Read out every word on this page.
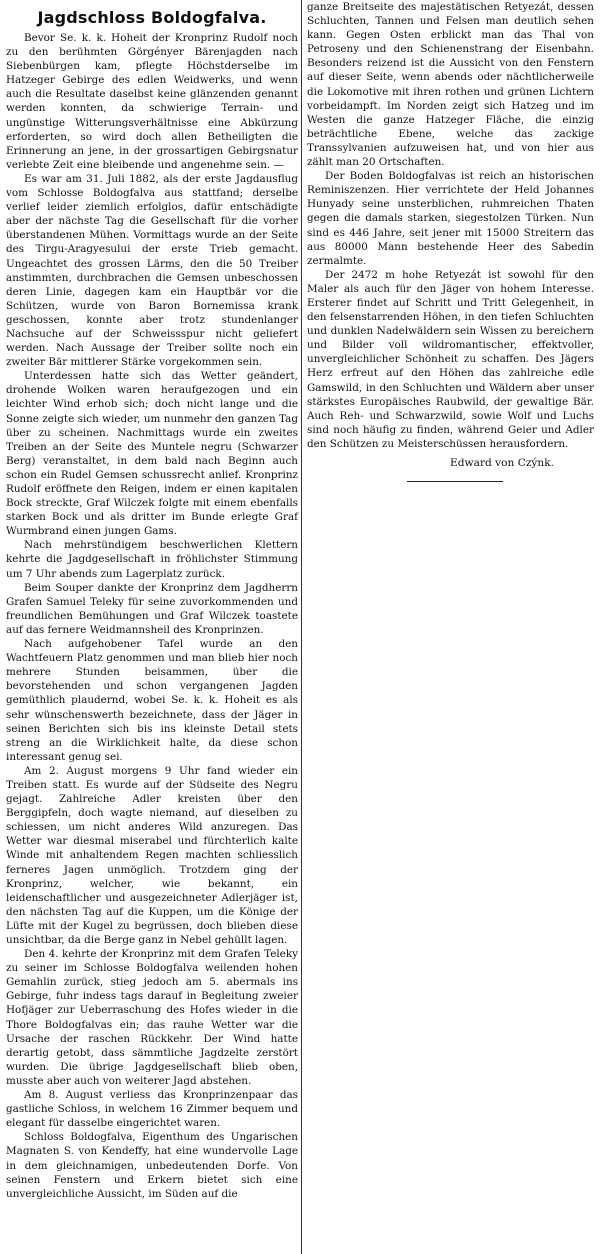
Jagdschloss Boldogfalva.

Bevor Se. k. k. Hoheit der Kronprinz Rudolf noch zu den berühmten Görgényer Bärenjagden nach Siebenbürgen kam, pflegte Höchstderselbe im Hatzeger Gebirge des edlen Weidwerks, und wenn auch die Resultate daselbst keine glänzenden genannt werden konnten, da schwierige Terrain- und ungünstige Witterungsverhältnisse eine Abkürzung erforderten, so wird doch allen Betheiligten die Erinnerung an jene, in der grossartigen Gebirgsnatur verlebte Zeit eine bleibende und angenehme sein. —

Es war am 31. Juli 1882, als der erste Jagdausflug vom Schlosse Boldogfalva aus stattfand; derselbe verlief leider ziemlich erfolglos, dafür entschädigte aber der nächste Tag die Gesellschaft für die vorher überstandenen Mühen. Vormittags wurde an der Seite des Tirgu-Aragyesului der erste Trieb gemacht. Ungeachtet des grossen Lärms, den die 50 Treiber anstimmten, durchbrachen die Gemsen unbeschossen deren Linie, dagegen kam ein Hauptbär vor die Schützen, wurde von Baron Bornemissa krank geschossen, konnte aber trotz stundenlanger Nachsuche auf der Schweissspur nicht geliefert werden. Nach Aussage der Treiber sollte noch ein zweiter Bär mittlerer Stärke vorgekommen sein.

Unterdessen hatte sich das Wetter geändert, drohende Wolken waren heraufgezogen und ein leichter Wind erhob sich; doch nicht lange und die Sonne zeigte sich wieder, um nunmehr den ganzen Tag über zu scheinen. Nachmittags wurde ein zweites Treiben an der Seite des Muntele negru (Schwarzer Berg) veranstaltet, in dem bald nach Beginn auch schon ein Rudel Gemsen schussrecht anlief. Kronprinz Rudolf eröffnete den Reigen, indem er einen kapitalen Bock streckte, Graf Wilczek folgte mit einem ebenfalls starken Bock und als dritter im Bunde erlegte Graf Wurmbrand einen jungen Gams.

Nach mehrstündigem beschwerlichen Klettern kehrte die Jagdgesellschaft in fröhlichster Stimmung um 7 Uhr abends zum Lagerplatz zurück.

Beim Souper dankte der Kronprinz dem Jagdherrn Grafen Samuel Teleky für seine zuvorkommenden und freundlichen Bemühungen und Graf Wilczek toastete auf das fernere Weidmannsheil des Kronprinzen.

Nach aufgehobener Tafel wurde an den Wachtfeuern Platz genommen und man blieb hier noch mehrere Stunden beisammen, über die bevorstehenden und schon vergangenen Jagden gemüthlich plaudernd, wobei Se. k. k. Hoheit es als sehr wünschenswerth bezeichnete, dass der Jäger in seinen Berichten sich bis ins kleinste Detail stets streng an die Wirklichkeit halte, da diese schon interessant genug sei.

Am 2. August morgens 9 Uhr fand wieder ein Treiben statt. Es wurde auf der Südseite des Negru gejagt. Zahlreiche Adler kreisten über den Berggipfeln, doch wagte niemand, auf dieselben zu schiessen, um nicht anderes Wild anzuregen. Das Wetter war diesmal miserabel und fürchterlich kalte Winde mit anhaltendem Regen machten schliesslich ferneres Jagen unmöglich. Trotzdem ging der Kronprinz, welcher, wie bekannt, ein leidenschaftlicher und ausgezeichneter Adlerjäger ist, den nächsten Tag auf die Kuppen, um die Könige der Lüfte mit der Kugel zu begrüssen, doch blieben diese unsichtbar, da die Berge ganz in Nebel gehüllt lagen.

Den 4. kehrte der Kronprinz mit dem Grafen Teleky zu seiner im Schlosse Boldogfalva weilenden hohen Gemahlin zurück, stieg jedoch am 5. abermals ins Gebirge, fuhr indess tags darauf in Begleitung zweier Hofjäger zur Ueberraschung des Hofes wieder in die Thore Boldogfalvas ein; das rauhe Wetter war die Ursache der raschen Rückkehr. Der Wind hatte derartig getobt, dass sämmtliche Jagdzelte zerstört wurden. Die übrige Jagdgesellschaft blieb oben, musste aber auch von weiterer Jagd abstehen.

Am 8. August verliess das Kronprinzenpaar das gastliche Schloss, in welchem 16 Zimmer bequem und elegant für dasselbe eingerichtet waren.

Schloss Boldogfalva, Eigenthum des Ungarischen Magnaten S. von Kendeffy, hat eine wundervolle Lage in dem gleichnamigen, unbedeutenden Dorfe. Von seinen Fenstern und Erkern bietet sich eine unvergleichliche Aussicht, im Süden auf die

ganze Breitseite des majestätischen Retyezát, dessen Schluchten, Tannen und Felsen man deutlich sehen kann. Gegen Osten erblickt man das Thal von Petroseny und den Schienenstrang der Eisenbahn. Besonders reizend ist die Aussicht von den Fenstern auf dieser Seite, wenn abends oder nächtlicherweile die Lokomotive mit ihren rothen und grünen Lichtern vorbeidampft. Im Norden zeigt sich Hatzeg und im Westen die ganze Hatzeger Fläche, die einzig beträchtliche Ebene, welche das zackige Transsylvanien aufzuweisen hat, und von hier aus zählt man 20 Ortschaften.

Der Boden Boldogfalvas ist reich an historischen Reminiszenzen. Hier verrichtete der Held Johannes Hunyady seine unsterblichen, ruhmreichen Thaten gegen die damals starken, siegestolzen Türken. Nun sind es 446 Jahre, seit jener mit 15000 Streitern das aus 80000 Mann bestehende Heer des Sabedin zermalmte.

Der 2472 m hohe Retyezát ist sowohl für den Maler als auch für den Jäger von hohem Interesse. Ersterer findet auf Schritt und Tritt Gelegenheit, in den felsenstarrenden Höhen, in den tiefen Schluchten und dunklen Nadelwäldern sein Wissen zu bereichern und Bilder voll wildromantischer, effektvoller, unvergleichlicher Schönheit zu schaffen. Des Jägers Herz erfreut auf den Höhen das zahlreiche edle Gamswild, in den Schluchten und Wäldern aber unser stärkstes Europäisches Raubwild, der gewaltige Bär. Auch Reh- und Schwarzwild, sowie Wolf und Luchs sind noch häufig zu finden, während Geier und Adler den Schützen zu Meisterschüssen herausfordern.

Edward von Czýnk.
